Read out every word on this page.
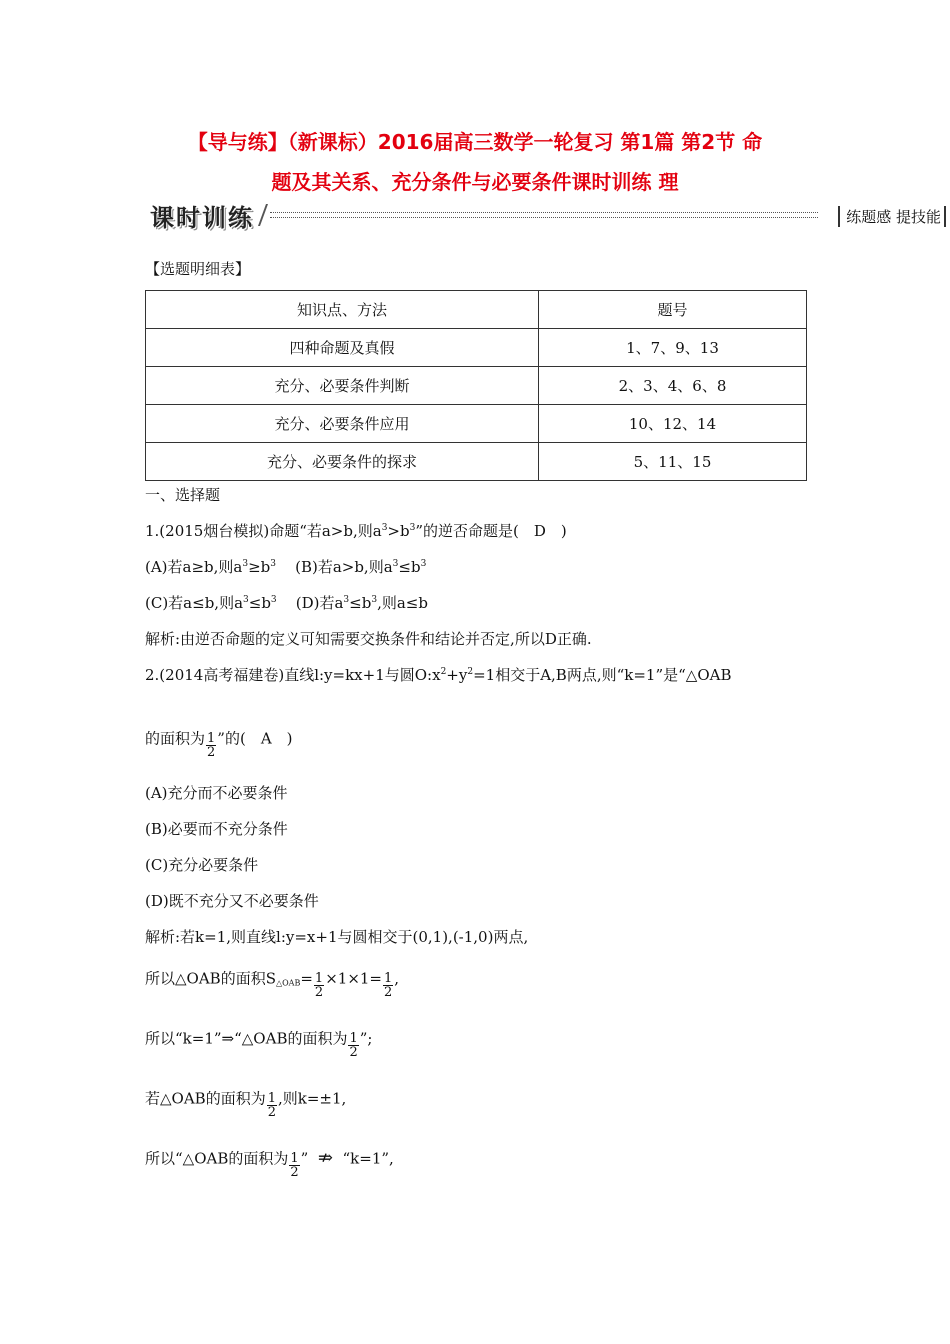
【导与练】（新课标）2016届高三数学一轮复习 第1篇 第2节 命
题及其关系、充分条件与必要条件课时训练 理
课时训练	练题感 提技能
【选题明细表】
知识点、方法	题号
四种命题及真假	1、7、9、13
充分、必要条件判断	2、3、4、6、8
充分、必要条件应用	10、12、14
充分、必要条件的探求	5、11、15
一、选择题
1.(2015烟台模拟)命题“若a>b,则$a^3>b^3$”的逆否命题是(　D　)
(A)若a≥b,则$a^3\ge b^3$ (B)若a>b,则$a^3\le b^3$
(C)若a≤b,则$a^3\le b^3$ (D)若$a^3\le b^3$,则a≤b
解析:由逆否命题的定义可知需要交换条件和结论并否定,所以D正确.
2.(2014高考福建卷)直线l:y=kx+1与圆$O:x^2+y^2=1$相交于A,B两点,则“k=1”是“△OAB
的面积为 $\frac{1}{2}$ ”的(　A　)
(A)充分而不必要条件
(B)必要而不充分条件
(C)充分必要条件
(D)既不充分又不必要条件
解析:若k=1,则直线l:y=x+1与圆相交于(0,1),(-1,0)两点,
所以△OAB的面积$S_{\triangle OAB}= \frac{1}{2} \times 1\times 1= \frac{1}{2}$ ,
所以“k=1”⇒“△OAB的面积为 $\frac{1}{2}$ ”;
若△OAB的面积为 $\frac{1}{2}$ ,则k=±1,
所以“△OAB的面积为 $\frac{1}{2}$ ” ⇏ “k=1”,
